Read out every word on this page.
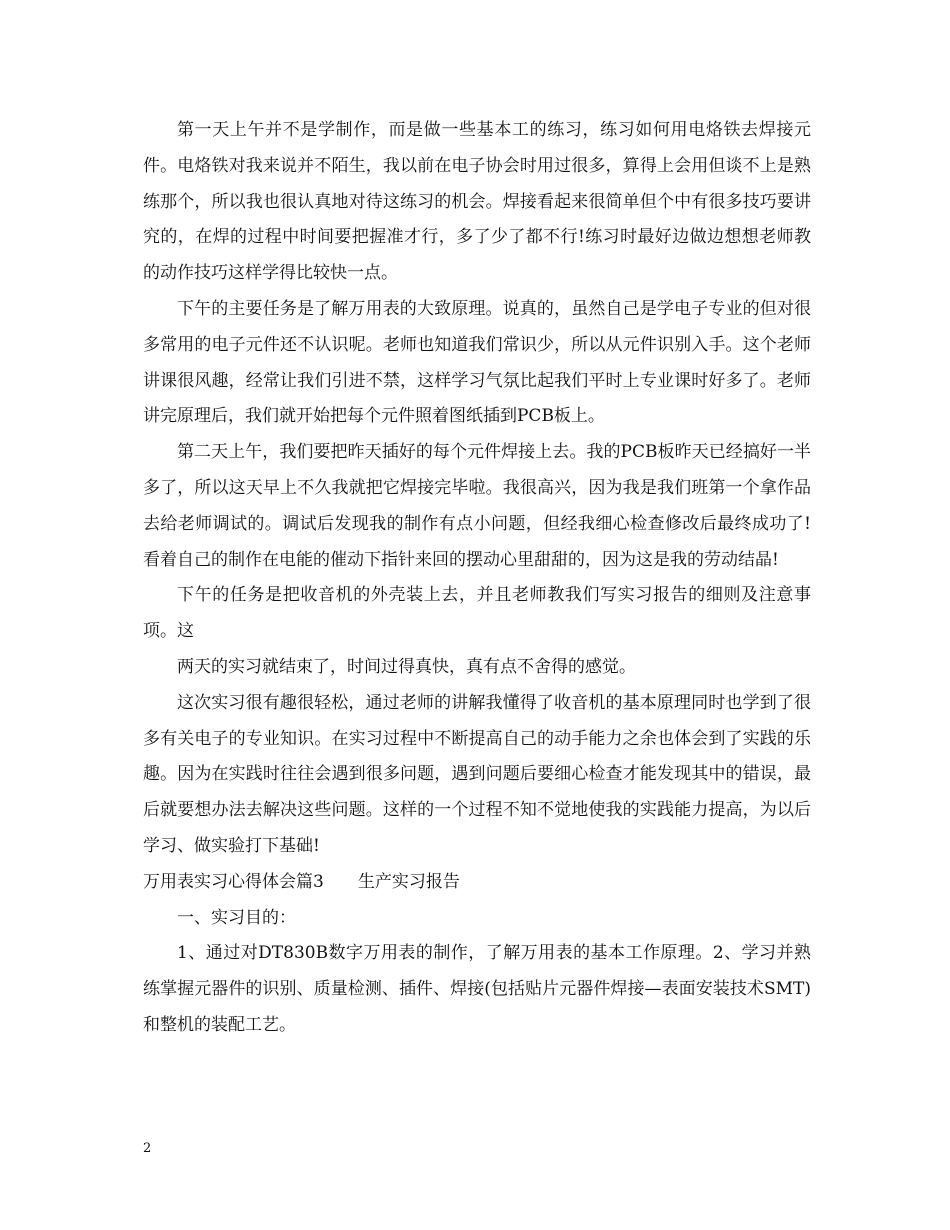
第一天上午并不是学制作，而是做一些基本工的练习，练习如何用电烙铁去焊接元件。电烙铁对我来说并不陌生，我以前在电子协会时用过很多，算得上会用但谈不上是熟练那个，所以我也很认真地对待这练习的机会。焊接看起来很简单但个中有很多技巧要讲究的，在焊的过程中时间要把握准才行，多了少了都不行!练习时最好边做边想想老师教的动作技巧这样学得比较快一点。

下午的主要任务是了解万用表的大致原理。说真的，虽然自己是学电子专业的但对很多常用的电子元件还不认识呢。老师也知道我们常识少，所以从元件识别入手。这个老师讲课很风趣，经常让我们引进不禁，这样学习气氛比起我们平时上专业课时好多了。老师讲完原理后，我们就开始把每个元件照着图纸插到PCB板上。

第二天上午，我们要把昨天插好的每个元件焊接上去。我的PCB板昨天已经搞好一半多了，所以这天早上不久我就把它焊接完毕啦。我很高兴，因为我是我们班第一个拿作品去给老师调试的。调试后发现我的制作有点小问题，但经我细心检查修改后最终成功了!看着自己的制作在电能的催动下指针来回的摆动心里甜甜的，因为这是我的劳动结晶!

下午的任务是把收音机的外壳装上去，并且老师教我们写实习报告的细则及注意事项。这

两天的实习就结束了，时间过得真快，真有点不舍得的感觉。

这次实习很有趣很轻松，通过老师的讲解我懂得了收音机的基本原理同时也学到了很多有关电子的专业知识。在实习过程中不断提高自己的动手能力之余也体会到了实践的乐趣。因为在实践时往往会遇到很多问题，遇到问题后要细心检查才能发现其中的错误，最后就要想办法去解决这些问题。这样的一个过程不知不觉地使我的实践能力提高，为以后学习、做实验打下基础!

万用表实习心得体会篇3　　生产实习报告

一、实习目的：

1、通过对DT830B数字万用表的制作，了解万用表的基本工作原理。2、学习并熟练掌握元器件的识别、质量检测、插件、焊接(包括贴片元器件焊接—表面安装技术SMT)和整机的装配工艺。

2
